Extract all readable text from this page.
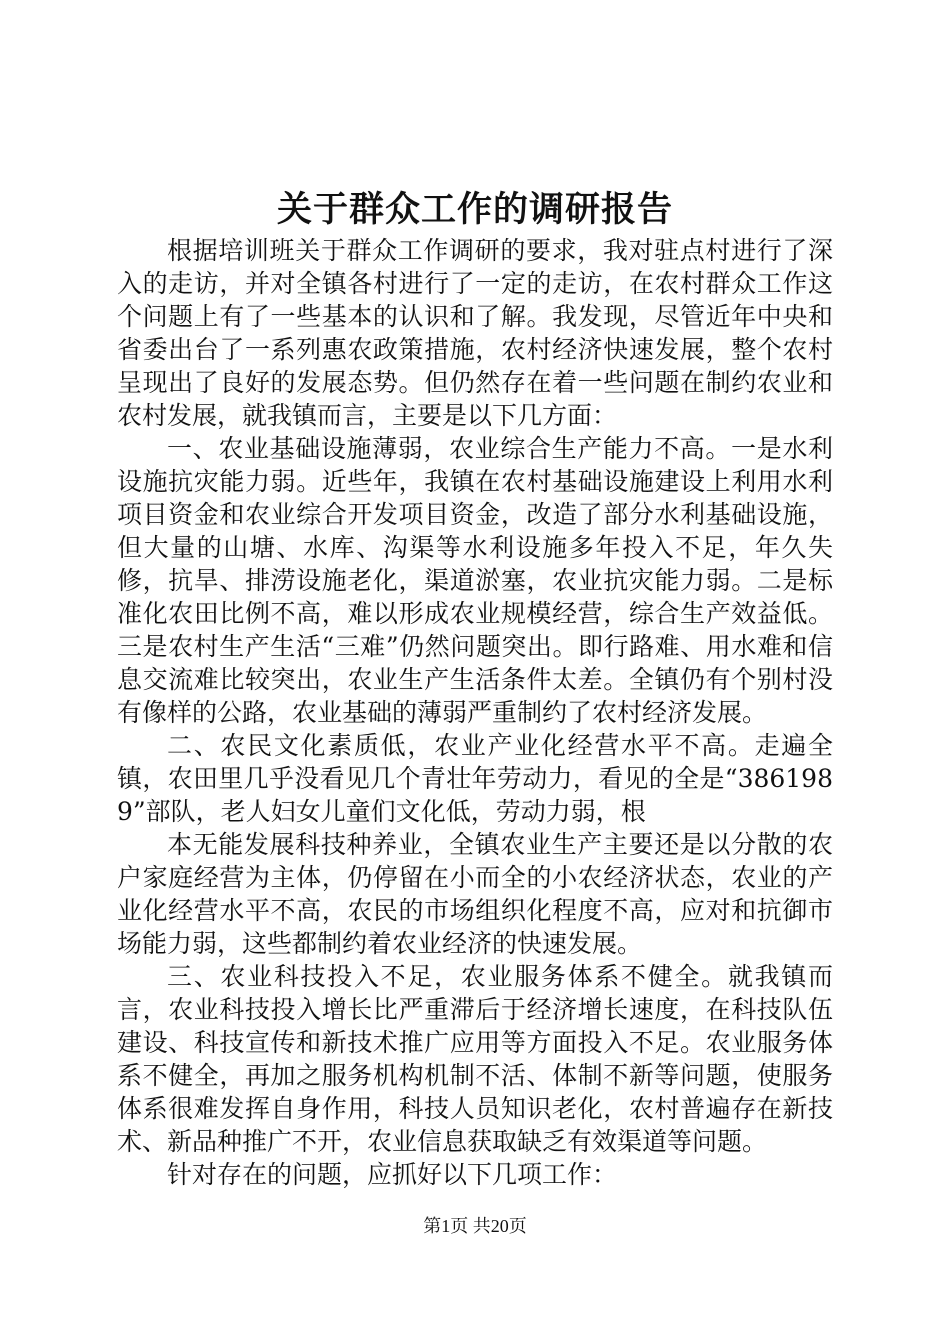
关于群众工作的调研报告

根据培训班关于群众工作调研的要求，我对驻点村进行了深入的走访，并对全镇各村进行了一定的走访，在农村群众工作这个问题上有了一些基本的认识和了解。我发现，尽管近年中央和省委出台了一系列惠农政策措施，农村经济快速发展，整个农村呈现出了良好的发展态势。但仍然存在着一些问题在制约农业和农村发展，就我镇而言，主要是以下几方面：

一、农业基础设施薄弱，农业综合生产能力不高。一是水利设施抗灾能力弱。近些年，我镇在农村基础设施建设上利用水利项目资金和农业综合开发项目资金，改造了部分水利基础设施，但大量的山塘、水库、沟渠等水利设施多年投入不足，年久失修，抗旱、排涝设施老化，渠道淤塞，农业抗灾能力弱。二是标准化农田比例不高，难以形成农业规模经营，综合生产效益低。三是农村生产生活“三难”仍然问题突出。即行路难、用水难和信息交流难比较突出，农业生产生活条件太差。全镇仍有个别村没有像样的公路，农业基础的薄弱严重制约了农村经济发展。

二、农民文化素质低，农业产业化经营水平不高。走遍全镇，农田里几乎没看见几个青壮年劳动力，看见的全是“3861989”部队，老人妇女儿童们文化低，劳动力弱，根

本无能发展科技种养业，全镇农业生产主要还是以分散的农户家庭经营为主体，仍停留在小而全的小农经济状态，农业的产业化经营水平不高，农民的市场组织化程度不高，应对和抗御市场能力弱，这些都制约着农业经济的快速发展。

三、农业科技投入不足，农业服务体系不健全。就我镇而言，农业科技投入增长比严重滞后于经济增长速度，在科技队伍建设、科技宣传和新技术推广应用等方面投入不足。农业服务体系不健全，再加之服务机构机制不活、体制不新等问题，使服务体系很难发挥自身作用，科技人员知识老化，农村普遍存在新技术、新品种推广不开，农业信息获取缺乏有效渠道等问题。

针对存在的问题，应抓好以下几项工作：

第1页 共20页
